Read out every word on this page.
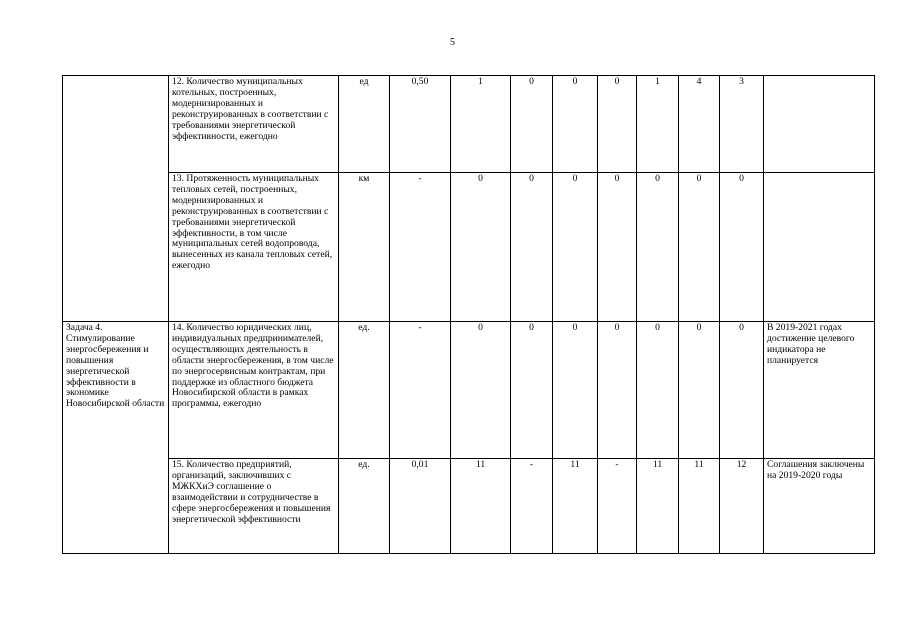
5
	12. Количество муниципальных котельных, построенных, модернизированных и реконструированных в соответствии с требованиями энергетической эффективности, ежегодно	ед	0,50	1	0	0	0	1	4	3	
	13. Протяженность муниципальных тепловых сетей, построенных, модернизированных и реконструированных в соответствии с требованиями энергетической эффективности, в том числе муниципальных сетей водопровода, вынесенных из канала тепловых сетей, ежегодно	км	-	0	0	0	0	0	0	0	
Задача 4. Стимулирование энергосбережения и повышения энергетической эффективности в экономике Новосибирской области	14. Количество юридических лиц, индивидуальных предпринимателей, осуществляющих деятельность в области энергосбережения, в том числе по энергосервисным контрактам, при поддержке из областного бюджета Новосибирской области в рамках программы, ежегодно	ед.	-	0	0	0	0	0	0	0	В 2019-2021 годах достижение целевого индикатора не планируется
	15. Количество предприятий, организаций, заключивших с МЖКХиЭ соглашение о взаимодействии и сотрудничестве в сфере энергосбережения и повышения энергетической эффективности	ед.	0,01	11	-	11	-	11	11	12	Соглашения заключены на 2019-2020 годы
